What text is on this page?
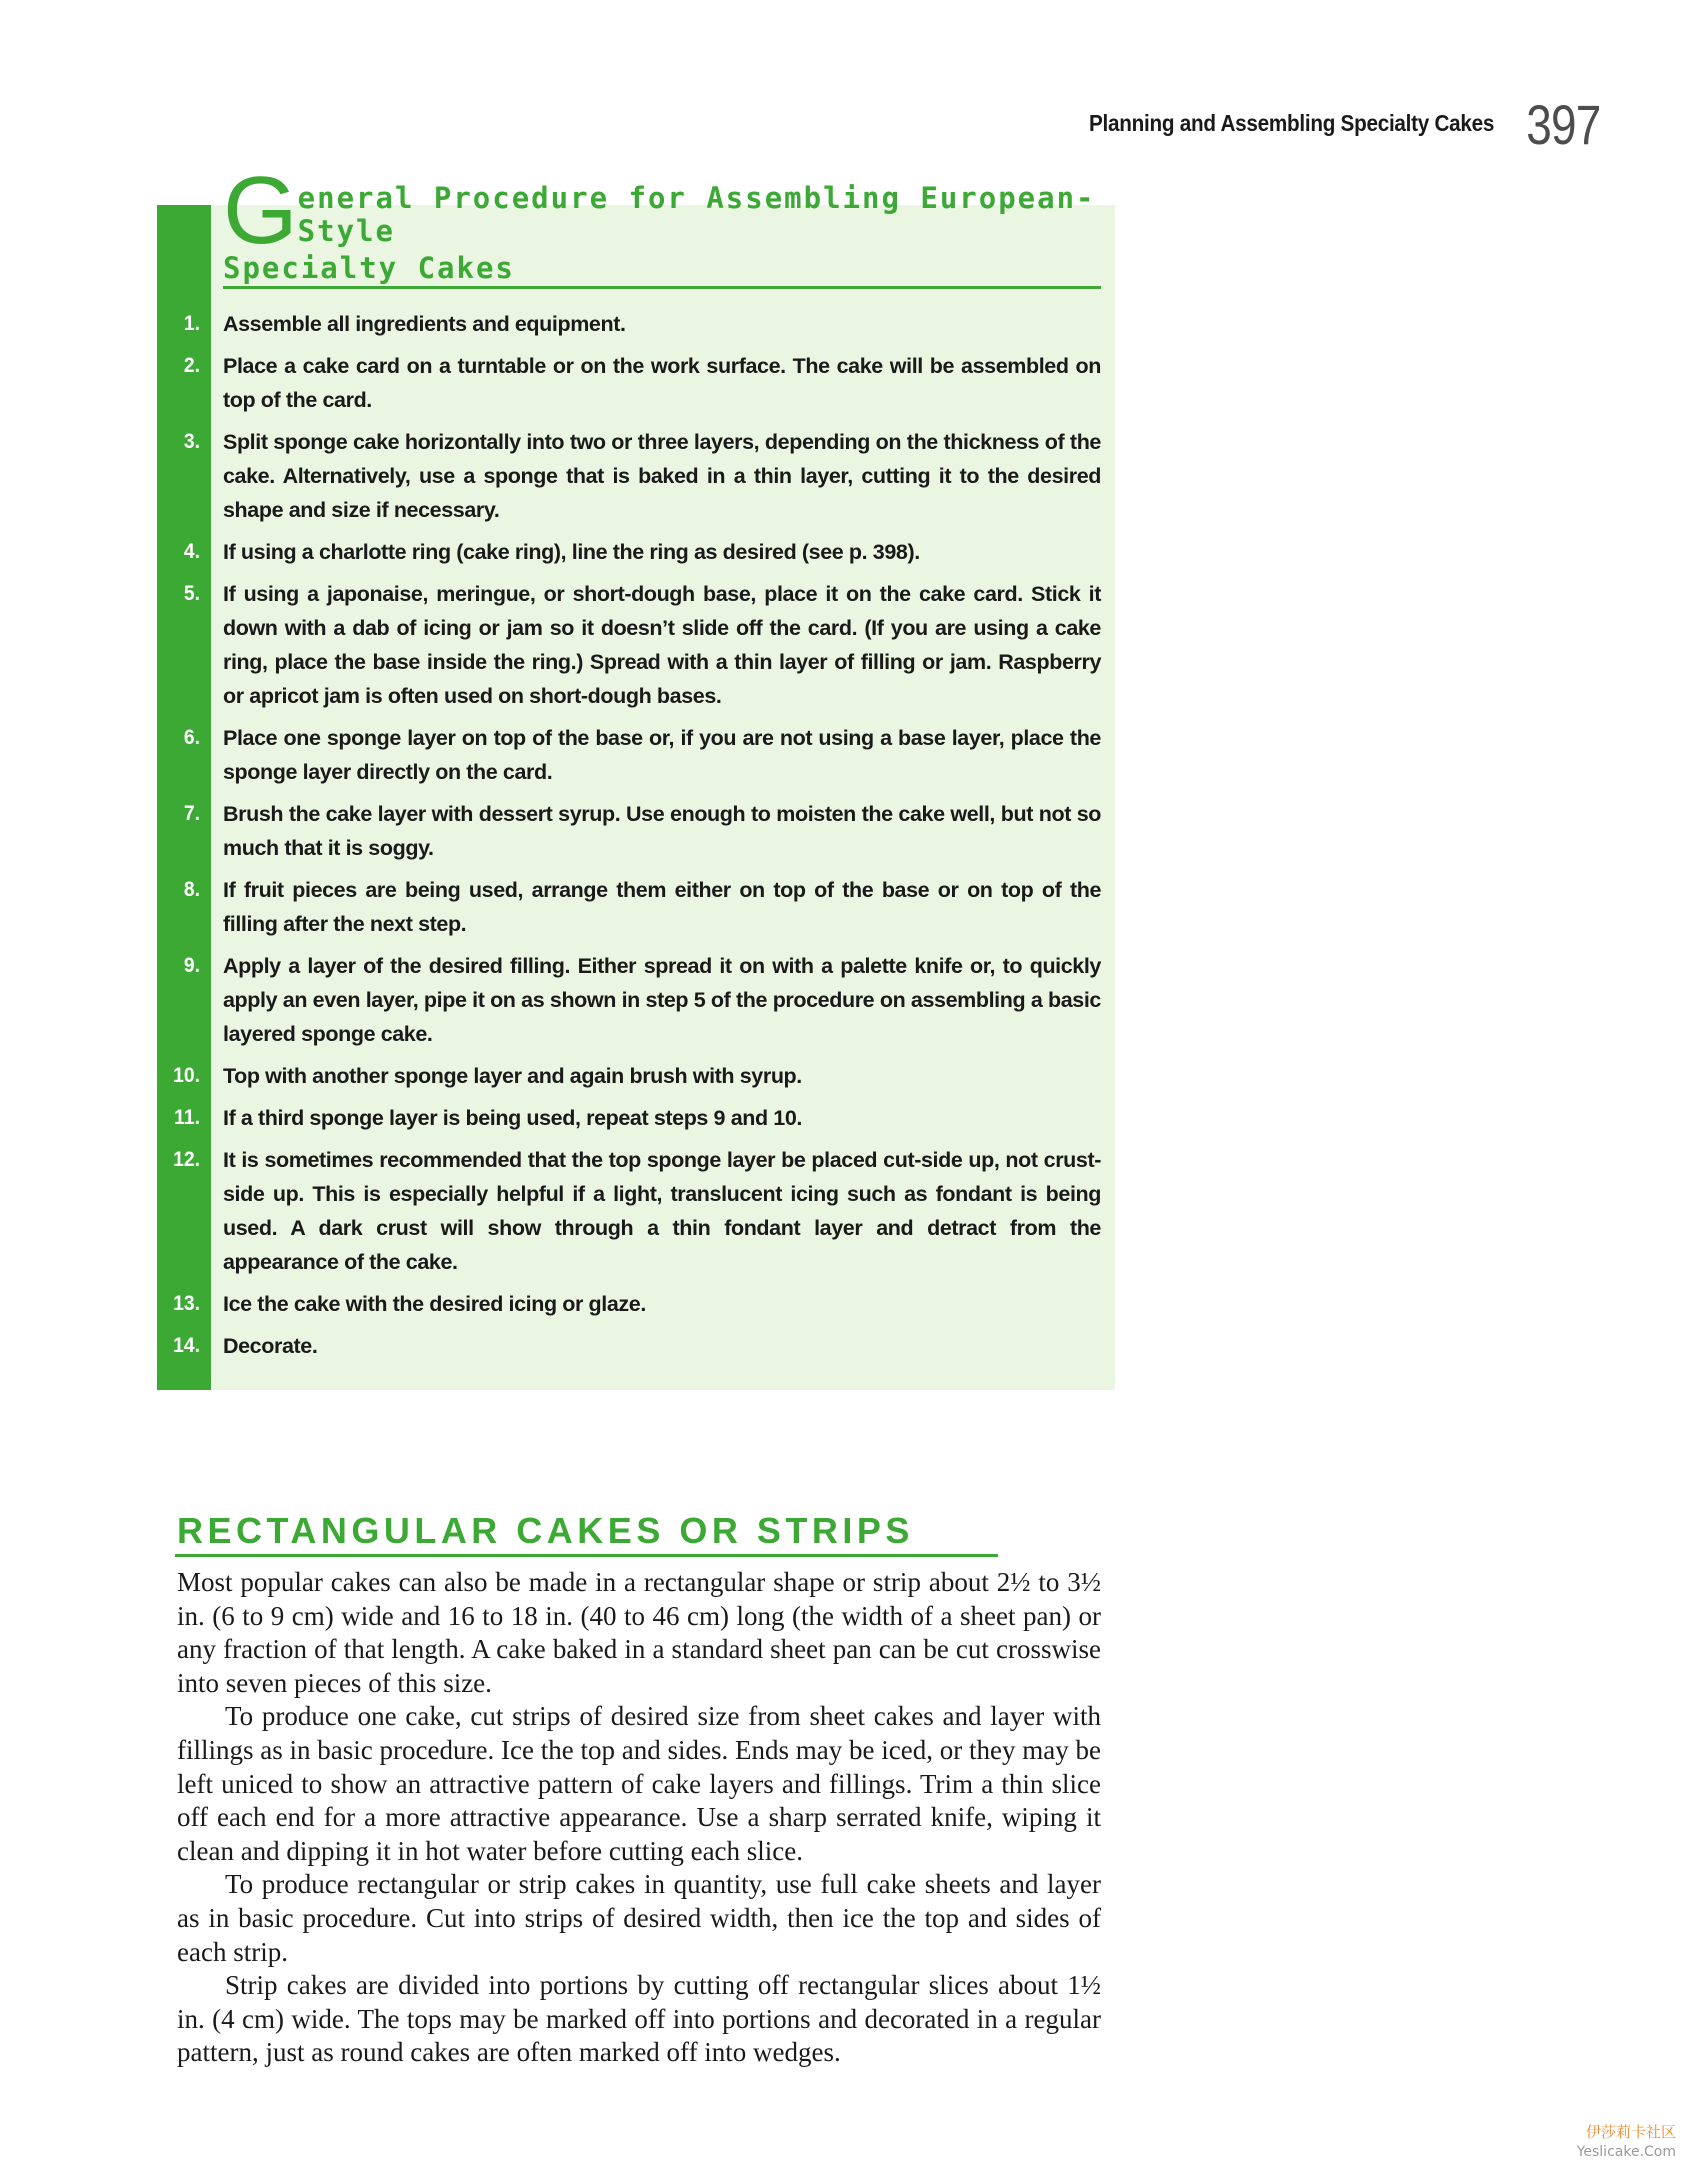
Planning and Assembling Specialty Cakes 397
G eneral Procedure for Assembling European-Style
Specialty Cakes
1.	Assemble all ingredients and equipment.
2.	Place a cake card on a turntable or on the work surface. The cake will be assembled on top of the card.
3.	Split sponge cake horizontally into two or three layers, depending on the thickness of the cake. Alternatively, use a sponge that is baked in a thin layer, cutting it to the desired shape and size if necessary.
4.	If using a charlotte ring (cake ring), line the ring as desired (see p. 398).
5.	If using a japonaise, meringue, or short-dough base, place it on the cake card. Stick it down with a dab of icing or jam so it doesn’t slide off the card. (If you are using a cake ring, place the base inside the ring.) Spread with a thin layer of filling or jam. Raspberry or apricot jam is often used on short-dough bases.
6.	Place one sponge layer on top of the base or, if you are not using a base layer, place the sponge layer directly on the card.
7.	Brush the cake layer with dessert syrup. Use enough to moisten the cake well, but not so much that it is soggy.
8.	If fruit pieces are being used, arrange them either on top of the base or on top of the filling after the next step.
9.	Apply a layer of the desired filling. Either spread it on with a palette knife or, to quickly apply an even layer, pipe it on as shown in step 5 of the procedure on assembling a basic layered sponge cake.
10.	Top with another sponge layer and again brush with syrup.
11.	If a third sponge layer is being used, repeat steps 9 and 10.
12.	It is sometimes recommended that the top sponge layer be placed cut-side up, not crust-side up. This is especially helpful if a light, translucent icing such as fondant is being used. A dark crust will show through a thin fondant layer and detract from the appearance of the cake.
13.	Ice the cake with the desired icing or glaze.
14.	Decorate.
RECTANGULAR CAKES OR STRIPS

Most popular cakes can also be made in a rectangular shape or strip about 2½ to 3½ in. (6 to 9 cm) wide and 16 to 18 in. (40 to 46 cm) long (the width of a sheet pan) or any fraction of that length. A cake baked in a standard sheet pan can be cut crosswise into seven pieces of this size.

To produce one cake, cut strips of desired size from sheet cakes and layer with fillings as in basic procedure. Ice the top and sides. Ends may be iced, or they may be left uniced to show an attractive pattern of cake layers and fillings. Trim a thin slice off each end for a more attractive appearance. Use a sharp serrated knife, wiping it clean and dipping it in hot water before cutting each slice.

To produce rectangular or strip cakes in quantity, use full cake sheets and layer as in basic procedure. Cut into strips of desired width, then ice the top and sides of each strip.

Strip cakes are divided into portions by cutting off rectangular slices about 1½ in. (4 cm) wide. The tops may be marked off into portions and decorated in a regular pattern, just as round cakes are often marked off into wedges.

伊莎莉卡社区
Yeslicake.Com
